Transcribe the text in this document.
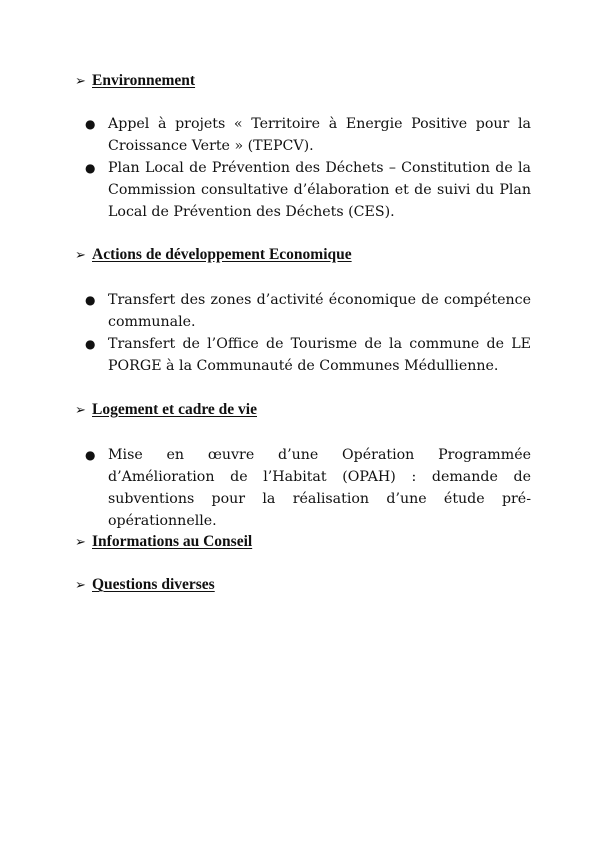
➢ Environnement
● Appel à projets « Territoire à Energie Positive pour la Croissance Verte » (TEPCV).
● Plan Local de Prévention des Déchets – Constitution de la Commission consultative d’élaboration et de suivi du Plan Local de Prévention des Déchets (CES).
➢ Actions de développement Economique
● Transfert des zones d’activité économique de compétence communale.
● Transfert de l’Office de Tourisme de la commune de LE PORGE à la Communauté de Communes Médullienne.
➢ Logement et cadre de vie
● Mise en œuvre d’une Opération Programmée d’Amélioration de l’Habitat (OPAH) : demande de subventions pour la réalisation d’une étude pré-opérationnelle.
➢ Informations au Conseil
➢ Questions diverses
